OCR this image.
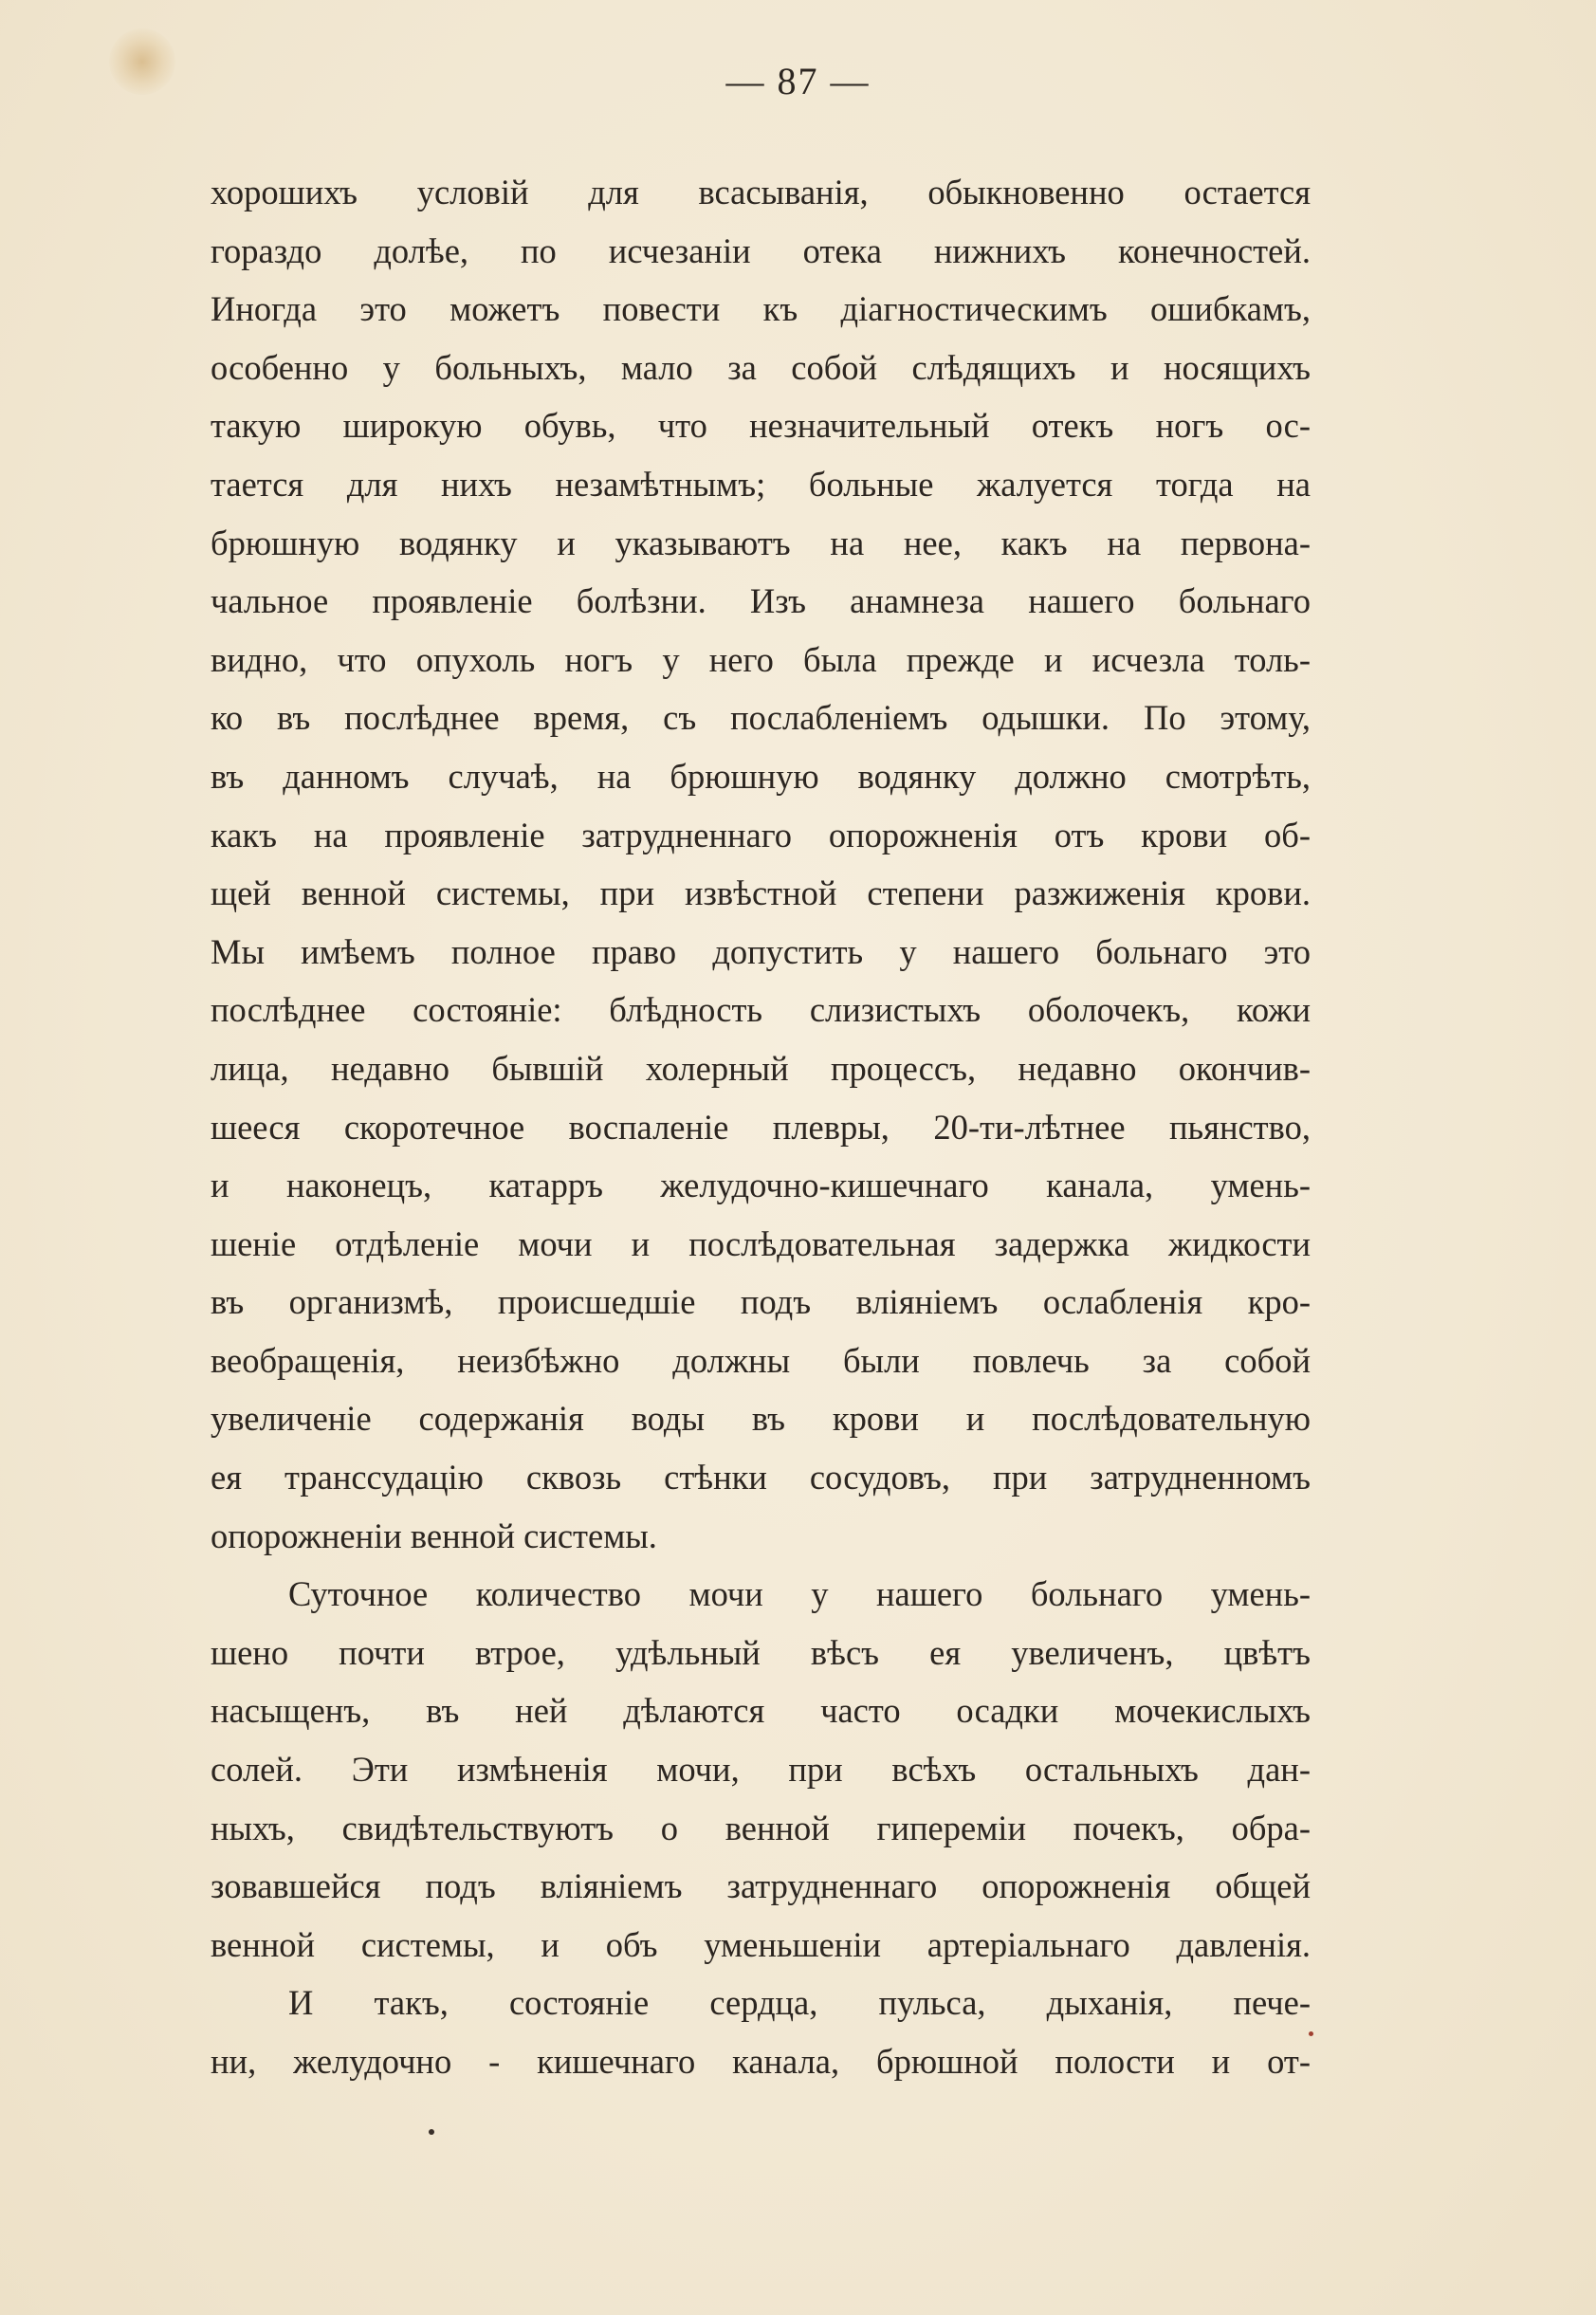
— 87 —
хорошихъ условій для всасыванія, обыкновенно остается
гораздо долѣе, по исчезаніи отека нижнихъ конечностей.
Иногда это можетъ повести къ діагностическимъ ошибкамъ,
особенно у больныхъ, мало за собой слѣдящихъ и носящихъ
такую широкую обувь, что незначительный отекъ ногъ ос-
тается для нихъ незамѣтнымъ; больные жалуется тогда на
брюшную водянку и указываютъ на нее, какъ на первона-
чальное проявленіе болѣзни. Изъ анамнеза нашего больнаго
видно, что опухоль ногъ у него была прежде и исчезла толь-
ко въ послѣднее время, съ послабленіемъ одышки. По этому,
въ данномъ случаѣ, на брюшную водянку должно смотрѣть,
какъ на проявленіе затрудненнаго опорожненія отъ крови об-
щей венной системы, при извѣстной степени разжиженія крови.
Мы имѣемъ полное право допустить у нашего больнаго это
послѣднее состояніе: блѣдность слизистыхъ оболочекъ, кожи
лица, недавно бывшій холерный процессъ, недавно окончив-
шееся скоротечное воспаленіе плевры, 20-ти-лѣтнее пьянство,
и наконецъ, катарръ желудочно-кишечнаго канала, умень-
шеніе отдѣленіе мочи и послѣдовательная задержка жидкости
въ организмѣ, происшедшіе подъ вліяніемъ ослабленія кро-
веобращенія, неизбѣжно должны были повлечь за собой
увеличеніе содержанія воды въ крови и послѣдовательную
ея транссудацію сквозь стѣнки сосудовъ, при затрудненномъ
опорожненіи венной системы.
Суточное количество мочи у нашего больнаго умень-
шено почти втрое, удѣльный вѣсъ ея увеличенъ, цвѣтъ
насыщенъ, въ ней дѣлаются часто осадки мочекислыхъ
солей. Эти измѣненія мочи, при всѣхъ остальныхъ дан-
ныхъ, свидѣтельствуютъ о венной гипереміи почекъ, обра-
зовавшейся подъ вліяніемъ затрудненнаго опорожненія общей
венной системы, и объ уменьшеніи артеріальнаго давленія.
И такъ, состояніе сердца, пульса, дыханія, пече-
ни, желудочно - кишечнаго канала, брюшной полости и от-
